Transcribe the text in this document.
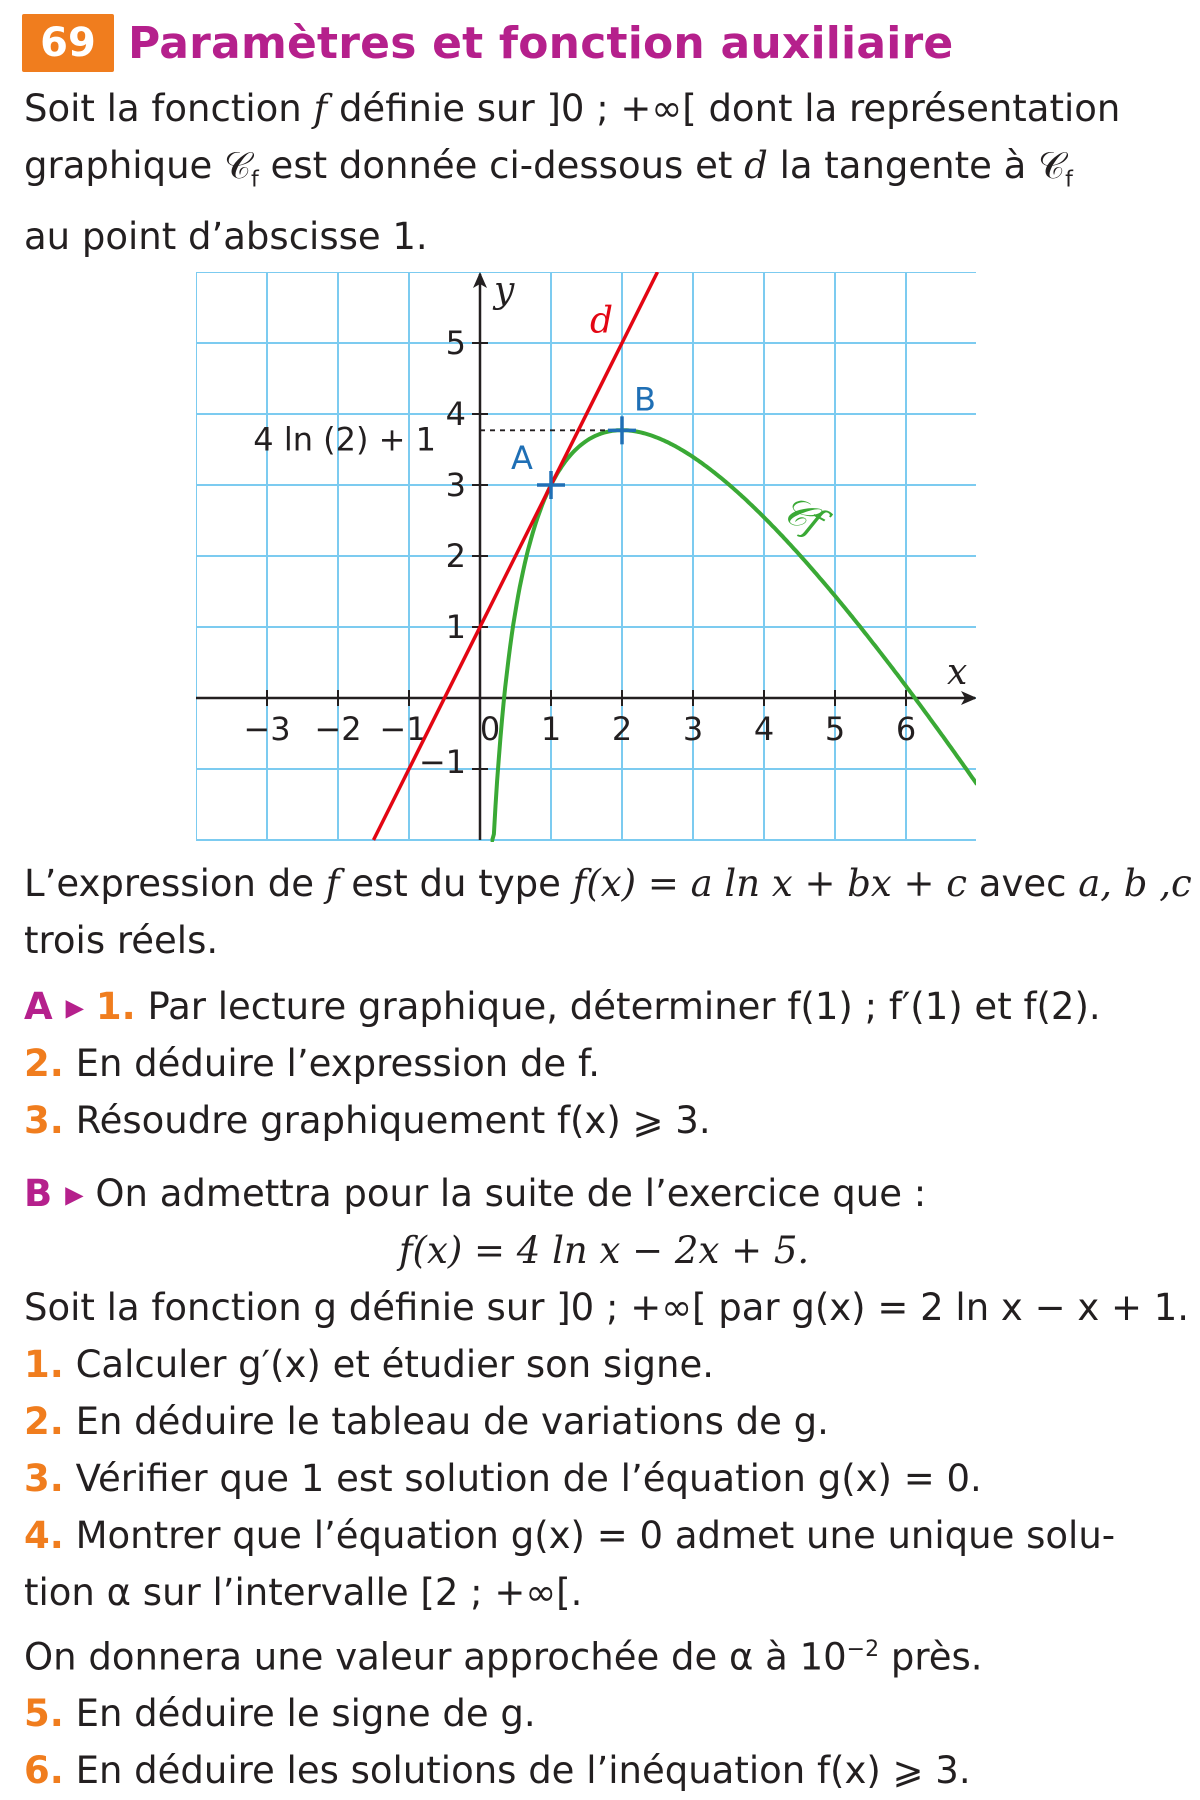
69 Paramètres et fonction auxiliaire
Soit la fonction f définie sur ]0 ; +∞[ dont la représentation
graphique 𝒞$_f$ est donnée ci-dessous et d la tangente à 𝒞$_f$
au point d’abscisse 1.
−3 −2 −1 0 1 2 3 4 5 6
−1
1
2
3
4
5
x
y
𝒞f
d
4 ln (2) + 1 A
B
L’expression de f est du type f(x) = a ln x + bx + c avec a, b ,c
trois réels.
A ▸ 1. Par lecture graphique, déterminer f(1) ; f′(1) et f(2).
2. En déduire l’expression de f.
3. Résoudre graphiquement f(x) ⩾ 3.
B ▸ On admettra pour la suite de l’exercice que :
f(x) = 4 ln x − 2x + 5.
Soit la fonction g définie sur ]0 ; +∞[ par g(x) = 2 ln x − x + 1.
1. Calculer g′(x) et étudier son signe.
2. En déduire le tableau de variations de g.
3. Vérifier que 1 est solution de l’équation g(x) = 0.
4. Montrer que l’équation g(x) = 0 admet une unique solu-
tion α sur l’intervalle [2 ; +∞[.
On donnera une valeur approchée de α à $10^{-2}$ près.
5. En déduire le signe de g.
6. En déduire les solutions de l’inéquation f(x) ⩾ 3.
